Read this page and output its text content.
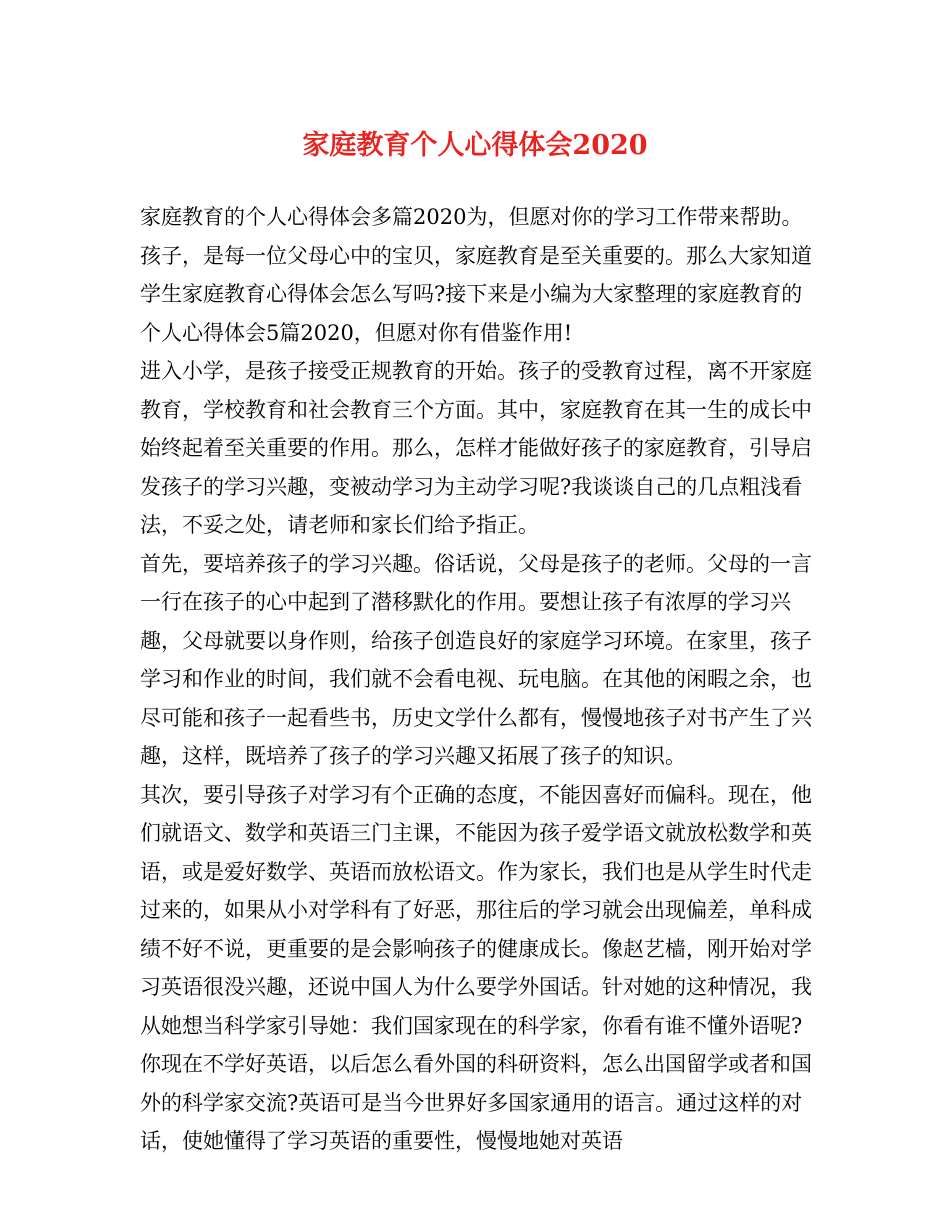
家庭教育个人心得体会2020

家庭教育的个人心得体会多篇2020为，但愿对你的学习工作带来帮助。孩子，是每一位父母心中的宝贝，家庭教育是至关重要的。那么大家知道学生家庭教育心得体会怎么写吗?接下来是小编为大家整理的家庭教育的个人心得体会5篇2020，但愿对你有借鉴作用!

进入小学，是孩子接受正规教育的开始。孩子的受教育过程，离不开家庭教育，学校教育和社会教育三个方面。其中，家庭教育在其一生的成长中始终起着至关重要的作用。那么，怎样才能做好孩子的家庭教育，引导启发孩子的学习兴趣，变被动学习为主动学习呢?我谈谈自己的几点粗浅看法，不妥之处，请老师和家长们给予指正。

首先，要培养孩子的学习兴趣。俗话说，父母是孩子的老师。父母的一言一行在孩子的心中起到了潜移默化的作用。要想让孩子有浓厚的学习兴趣，父母就要以身作则，给孩子创造良好的家庭学习环境。在家里，孩子学习和作业的时间，我们就不会看电视、玩电脑。在其他的闲暇之余，也尽可能和孩子一起看些书，历史文学什么都有，慢慢地孩子对书产生了兴趣，这样，既培养了孩子的学习兴趣又拓展了孩子的知识。

其次，要引导孩子对学习有个正确的态度，不能因喜好而偏科。现在，他们就语文、数学和英语三门主课，不能因为孩子爱学语文就放松数学和英语，或是爱好数学、英语而放松语文。作为家长，我们也是从学生时代走过来的，如果从小对学科有了好恶，那往后的学习就会出现偏差，单科成绩不好不说，更重要的是会影响孩子的健康成长。像赵艺樯，刚开始对学习英语很没兴趣，还说中国人为什么要学外国话。针对她的这种情况，我从她想当科学家引导她：我们国家现在的科学家，你看有谁不懂外语呢?你现在不学好英语，以后怎么看外国的科研资料，怎么出国留学或者和国外的科学家交流?英语可是当今世界好多国家通用的语言。通过这样的对话，使她懂得了学习英语的重要性，慢慢地她对英语
